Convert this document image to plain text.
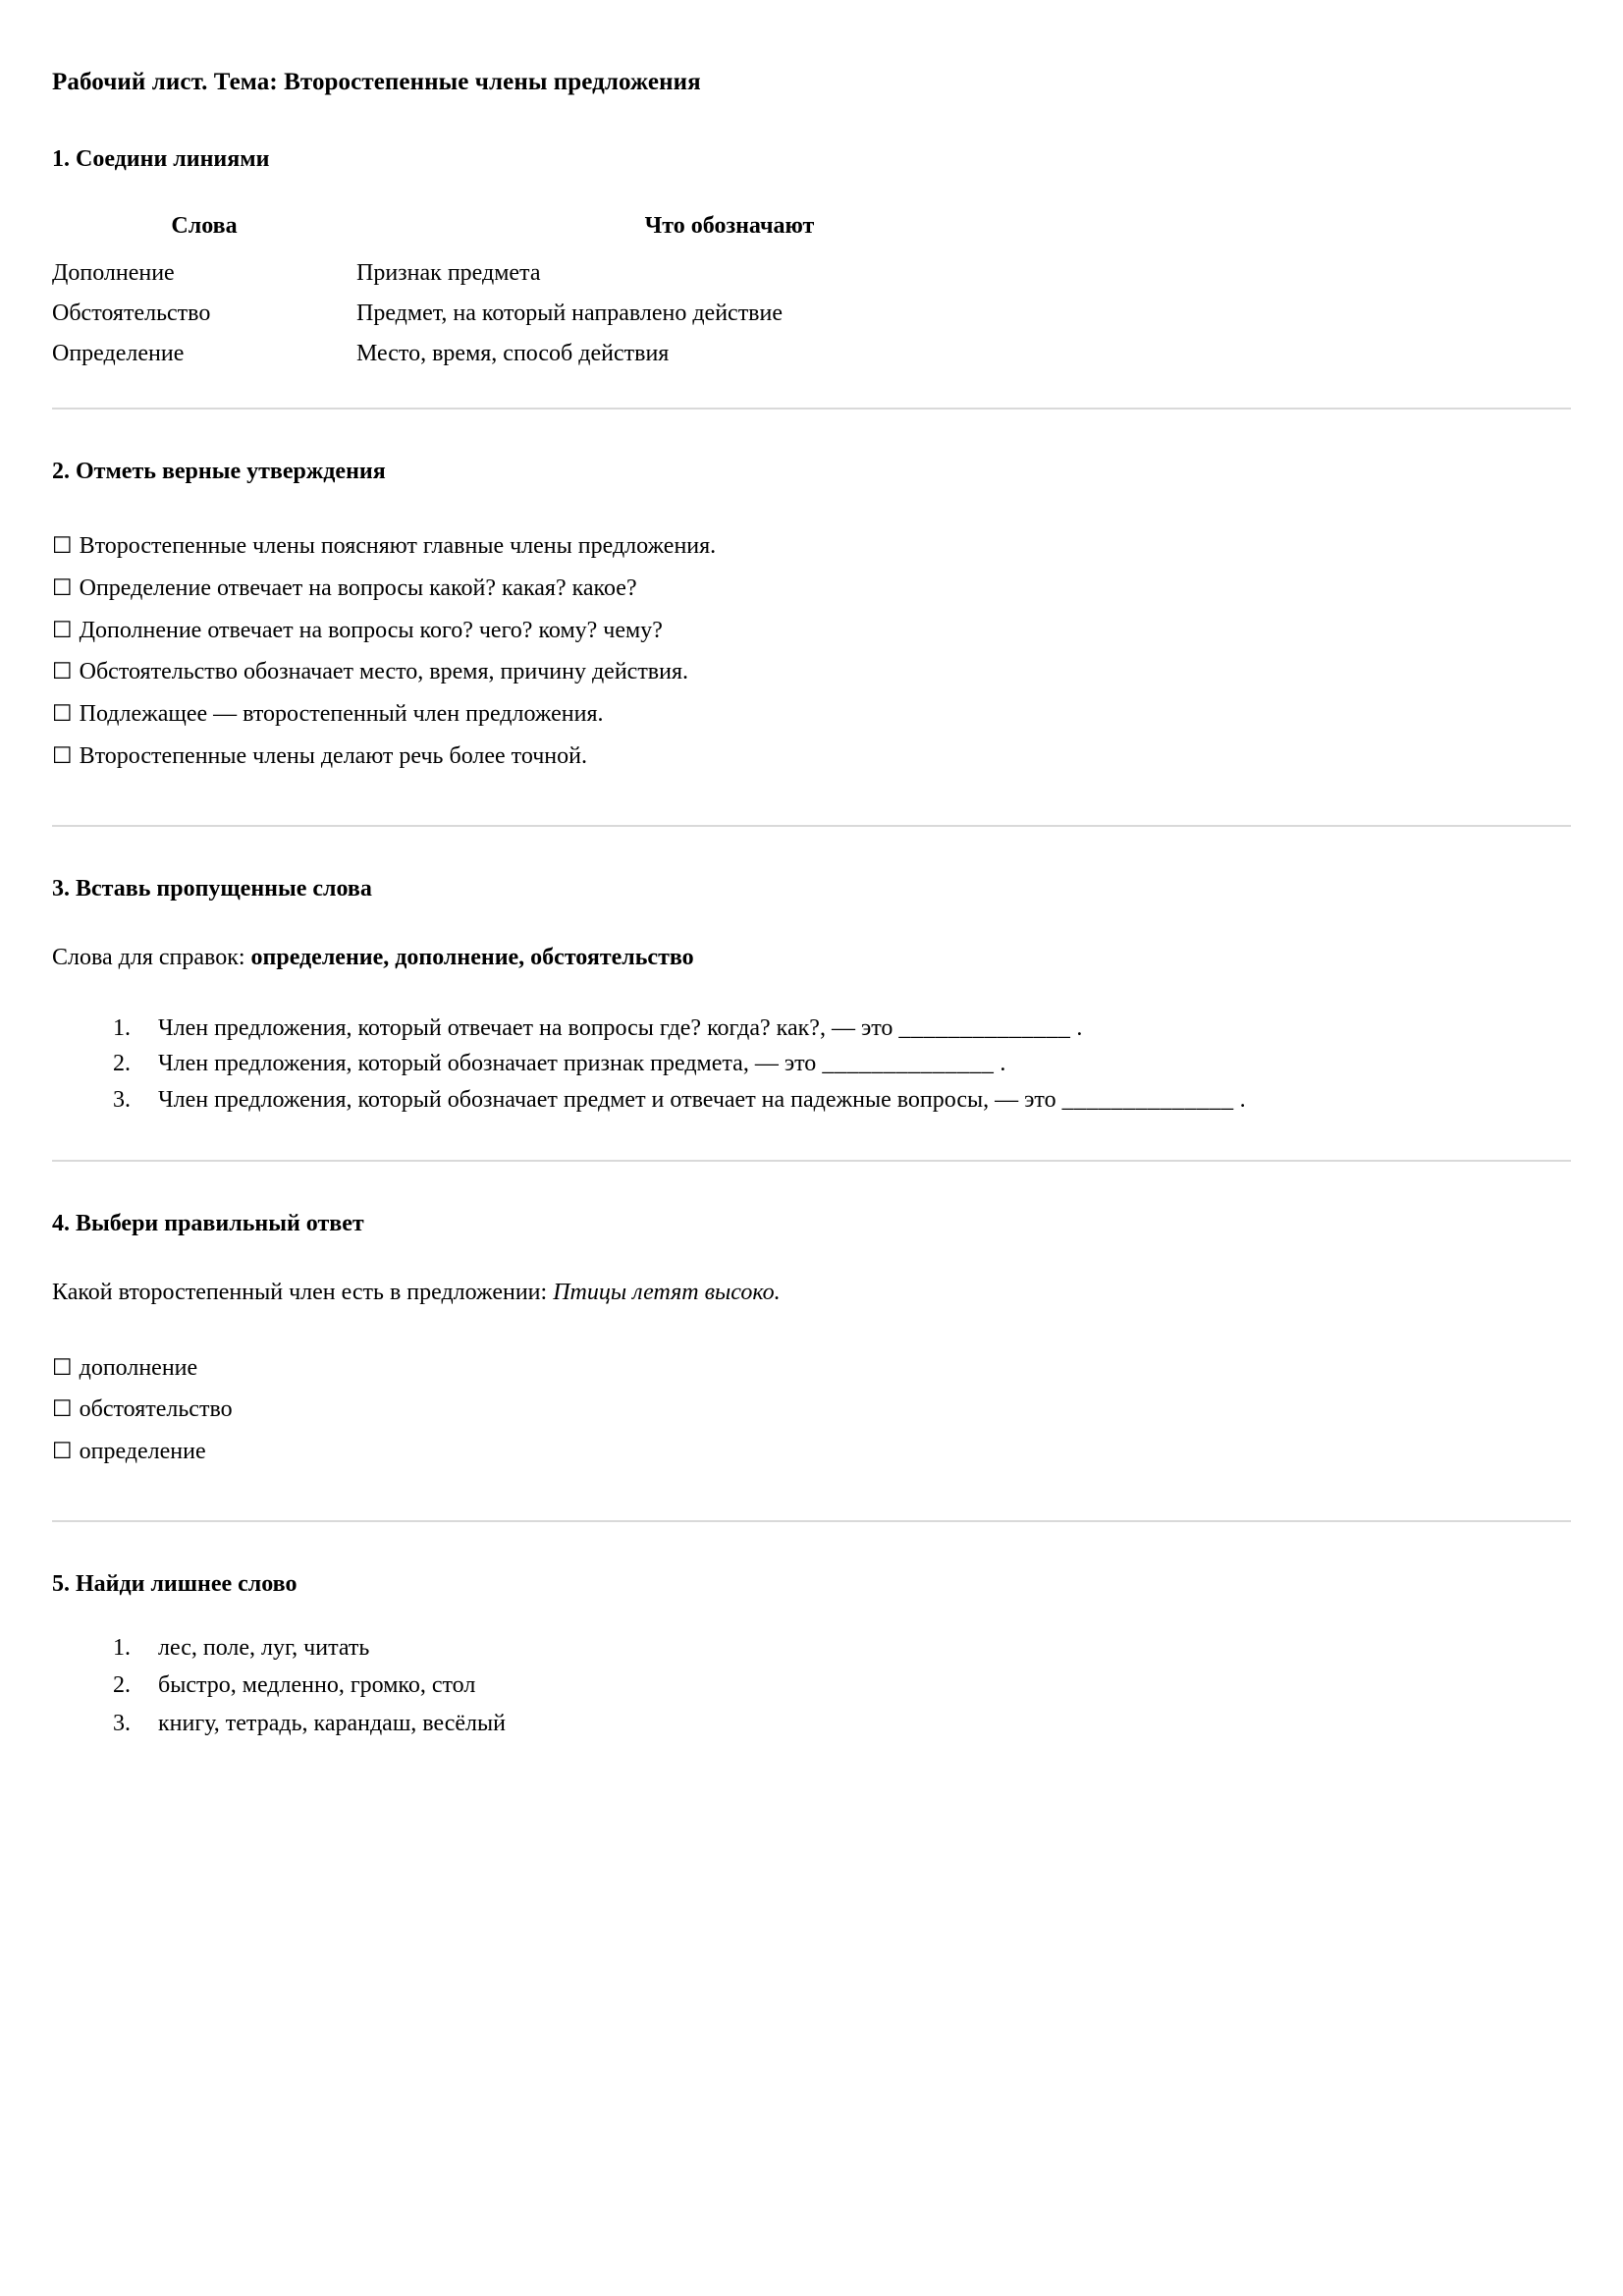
Рабочий лист. Тема: Второстепенные члены предложения
1. Соедини линиями
Слова	Что обозначают
Дополнение	Признак предмета
Обстоятельство	Предмет, на который направлено действие
Определение	Место, время, способ действия
2. Отметь верные утверждения
☐ Второстепенные члены поясняют главные члены предложения.
☐ Определение отвечает на вопросы какой? какая? какое?
☐ Дополнение отвечает на вопросы кого? чего? кому? чему?
☐ Обстоятельство обозначает место, время, причину действия.
☐ Подлежащее — второстепенный член предложения.
☐ Второстепенные члены делают речь более точной.
3. Вставь пропущенные слова
Слова для справок: определение, дополнение, обстоятельство
1. Член предложения, который отвечает на вопросы где? когда? как?, — это ______________ .
2. Член предложения, который обозначает признак предмета, — это ______________ .
3. Член предложения, который обозначает предмет и отвечает на падежные вопросы, — это ______________ .
4. Выбери правильный ответ
Какой второстепенный член есть в предложении: Птицы летят высоко.
☐ дополнение
☐ обстоятельство
☐ определение
5. Найди лишнее слово
1. лес, поле, луг, читать
2. быстро, медленно, громко, стол
3. книгу, тетрадь, карандаш, весёлый
